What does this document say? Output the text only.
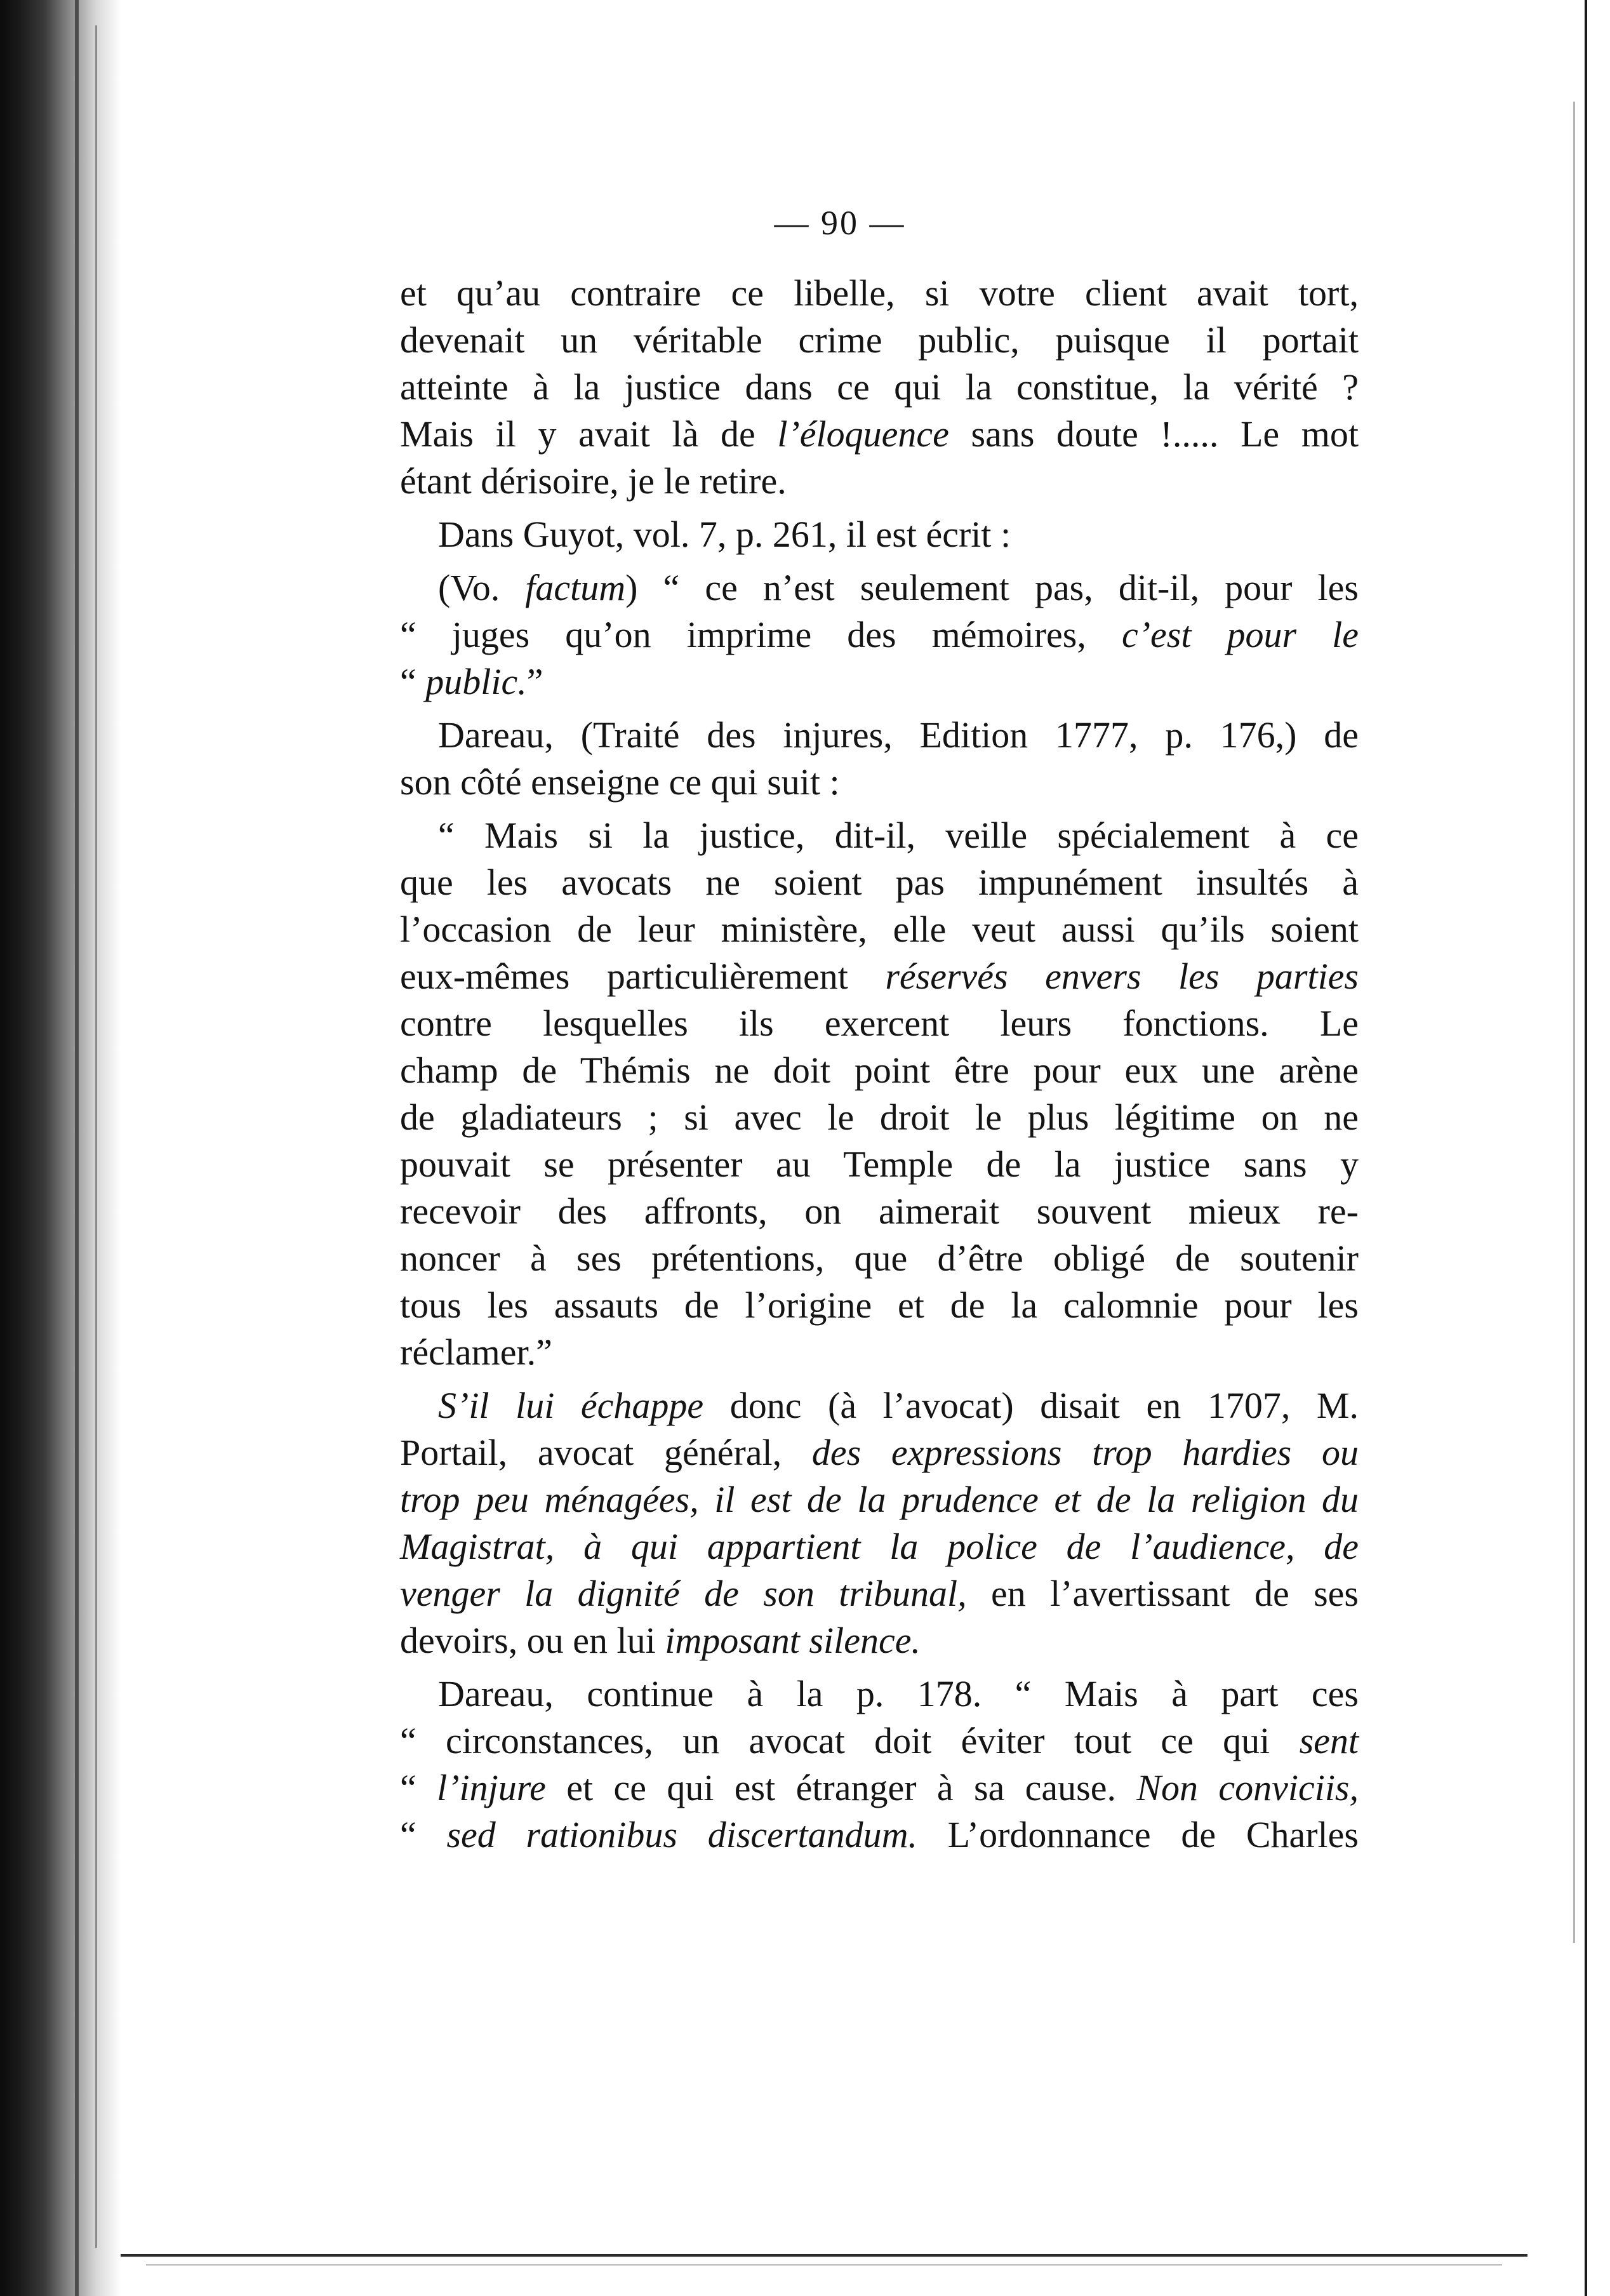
— 90 —

et qu’au contraire ce libelle, si votre client avait tort,

devenait un véritable crime public, puisque il portait

atteinte à la justice dans ce qui la constitue, la vérité ?

Mais il y avait là de l’éloquence sans doute !..... Le mot

étant dérisoire, je le retire.

Dans Guyot, vol. 7, p. 261, il est écrit :

(Vo. factum) “ ce n’est seulement pas, dit-il, pour les

“ juges qu’on imprime des mémoires, c’est pour le

“ public.”

Dareau, (Traité des injures, Edition 1777, p. 176,) de

son côté enseigne ce qui suit :

“ Mais si la justice, dit-il, veille spécialement à ce

que les avocats ne soient pas impunément insultés à

l’occasion de leur ministère, elle veut aussi qu’ils soient

eux-mêmes particulièrement réservés envers les parties

contre lesquelles ils exercent leurs fonctions. Le

champ de Thémis ne doit point être pour eux une arène

de gladiateurs ; si avec le droit le plus légitime on ne

pouvait se présenter au Temple de la justice sans y

recevoir des affronts, on aimerait souvent mieux re-

noncer à ses prétentions, que d’être obligé de soutenir

tous les assauts de l’origine et de la calomnie pour les

réclamer.”

S’il lui échappe donc (à l’avocat) disait en 1707, M.

Portail, avocat général, des expressions trop hardies ou

trop peu ménagées, il est de la prudence et de la religion du

Magistrat, à qui appartient la police de l’audience, de

venger la dignité de son tribunal, en l’avertissant de ses

devoirs, ou en lui imposant silence.

Dareau, continue à la p. 178. “ Mais à part ces

“ circonstances, un avocat doit éviter tout ce qui sent

“ l’injure et ce qui est étranger à sa cause. Non conviciis,

“ sed rationibus discertandum. L’ordonnance de Charles
